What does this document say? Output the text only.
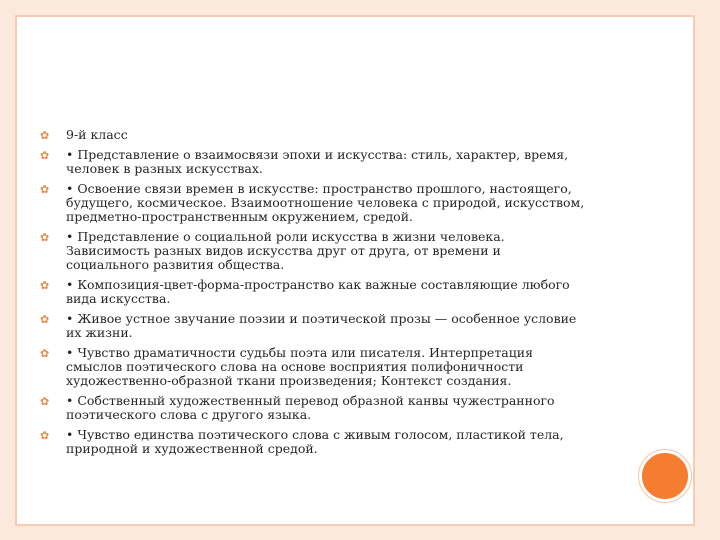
✿ 9-й класс
✿ • Представление о взаимосвязи эпохи и искусства: стиль, характер, время,
человек в разных искусствах.
✿ • Освоение связи времен в искусстве: пространство прошлого, настоящего,
будущего, космическое. Взаимоотношение человека с природой, искусством,
предметно-пространственным окружением, средой.
✿ • Представление о социальной роли искусства в жизни человека.
Зависимость разных видов искусства друг от друга, от времени и
социального развития общества.
✿ • Композиция-цвет-форма-пространство как важные составляющие любого
вида искусства.
✿ • Живое устное звучание поэзии и поэтической прозы — особенное условие
их жизни.
✿ • Чувство драматичности судьбы поэта или писателя. Интерпретация
смыслов поэтического слова на основе восприятия полифоничности
художественно-образной ткани произведения; Контекст создания.
✿ • Собственный художественный перевод образной канвы чужестранного
поэтического слова с другого языка.
✿ • Чувство единства поэтического слова с живым голосом, пластикой тела,
природной и художественной средой.
